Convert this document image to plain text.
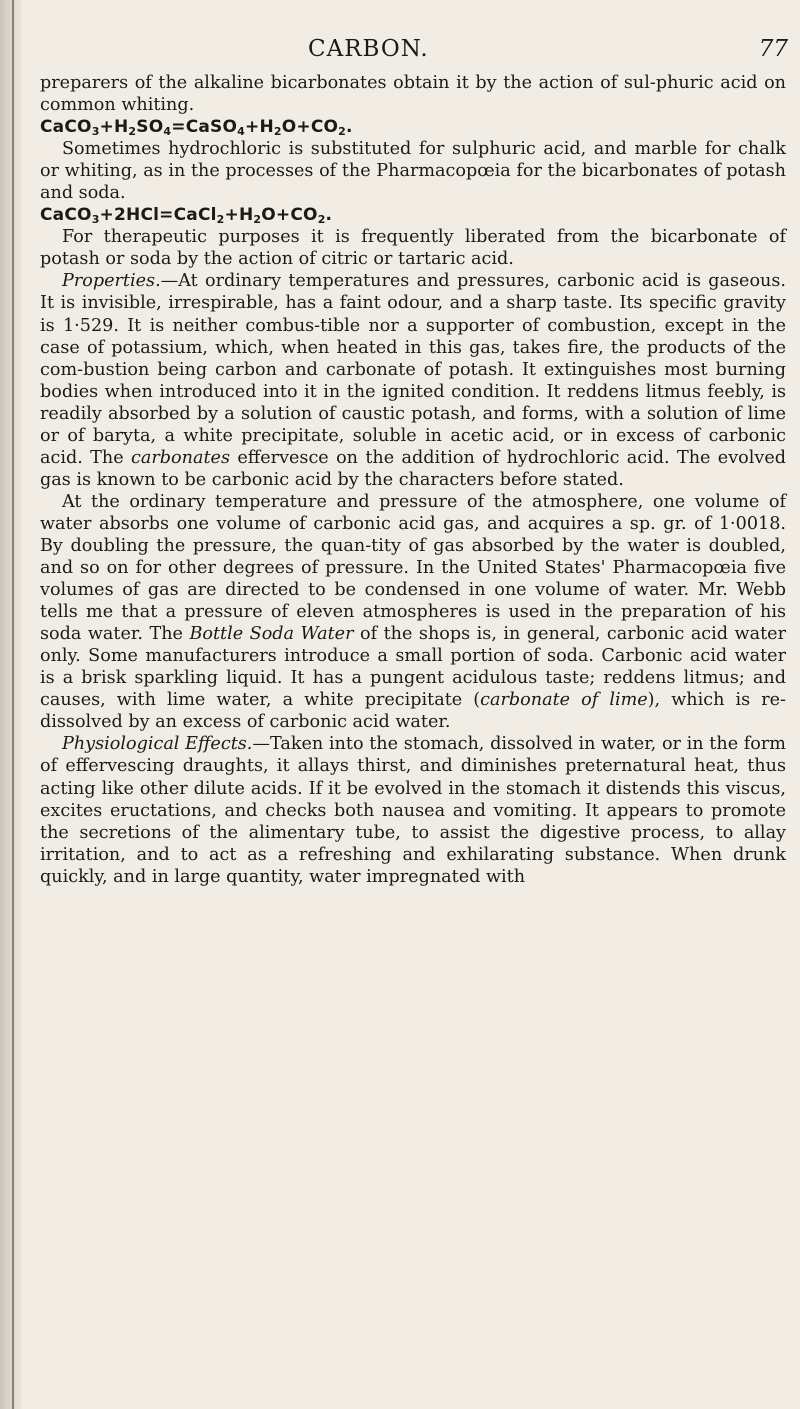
CARBON.	77

preparers of the alkaline bicarbonates obtain it by the action of sul-phuric acid on common whiting.

$CaCO_3+H_2SO_4=CaSO_4+H_2O+CO_2$.

Sometimes hydrochloric is substituted for sulphuric acid, and marble for chalk or whiting, as in the processes of the Pharmacopœia for the bicarbonates of potash and soda.

$CaCO_3+2HCl=CaCl_2+H_2O+CO_2$.

For therapeutic purposes it is frequently liberated from the bicarbonate of potash or soda by the action of citric or tartaric acid.

Properties.—At ordinary temperatures and pressures, carbonic acid is gaseous. It is invisible, irrespirable, has a faint odour, and a sharp taste. Its specific gravity is 1·529. It is neither combus-tible nor a supporter of combustion, except in the case of potassium, which, when heated in this gas, takes fire, the products of the com-bustion being carbon and carbonate of potash. It extinguishes most burning bodies when introduced into it in the ignited condition. It reddens litmus feebly, is readily absorbed by a solution of caustic potash, and forms, with a solution of lime or of baryta, a white precipitate, soluble in acetic acid, or in excess of carbonic acid. The carbonates effervesce on the addition of hydrochloric acid. The evolved gas is known to be carbonic acid by the characters before stated.

At the ordinary temperature and pressure of the atmosphere, one volume of water absorbs one volume of carbonic acid gas, and acquires a sp. gr. of 1·0018. By doubling the pressure, the quan-tity of gas absorbed by the water is doubled, and so on for other degrees of pressure. In the United States' Pharmacopœia five volumes of gas are directed to be condensed in one volume of water. Mr. Webb tells me that a pressure of eleven atmospheres is used in the preparation of his soda water. The Bottle Soda Water of the shops is, in general, carbonic acid water only. Some manufacturers introduce a small portion of soda. Carbonic acid water is a brisk sparkling liquid. It has a pungent acidulous taste; reddens litmus; and causes, with lime water, a white precipitate (carbonate of lime), which is re-dissolved by an excess of carbonic acid water.

Physiological Effects.—Taken into the stomach, dissolved in water, or in the form of effervescing draughts, it allays thirst, and diminishes preternatural heat, thus acting like other dilute acids. If it be evolved in the stomach it distends this viscus, excites eructations, and checks both nausea and vomiting. It appears to promote the secretions of the alimentary tube, to assist the digestive process, to allay irritation, and to act as a refreshing and exhilarating substance. When drunk quickly, and in large quantity, water impregnated with
